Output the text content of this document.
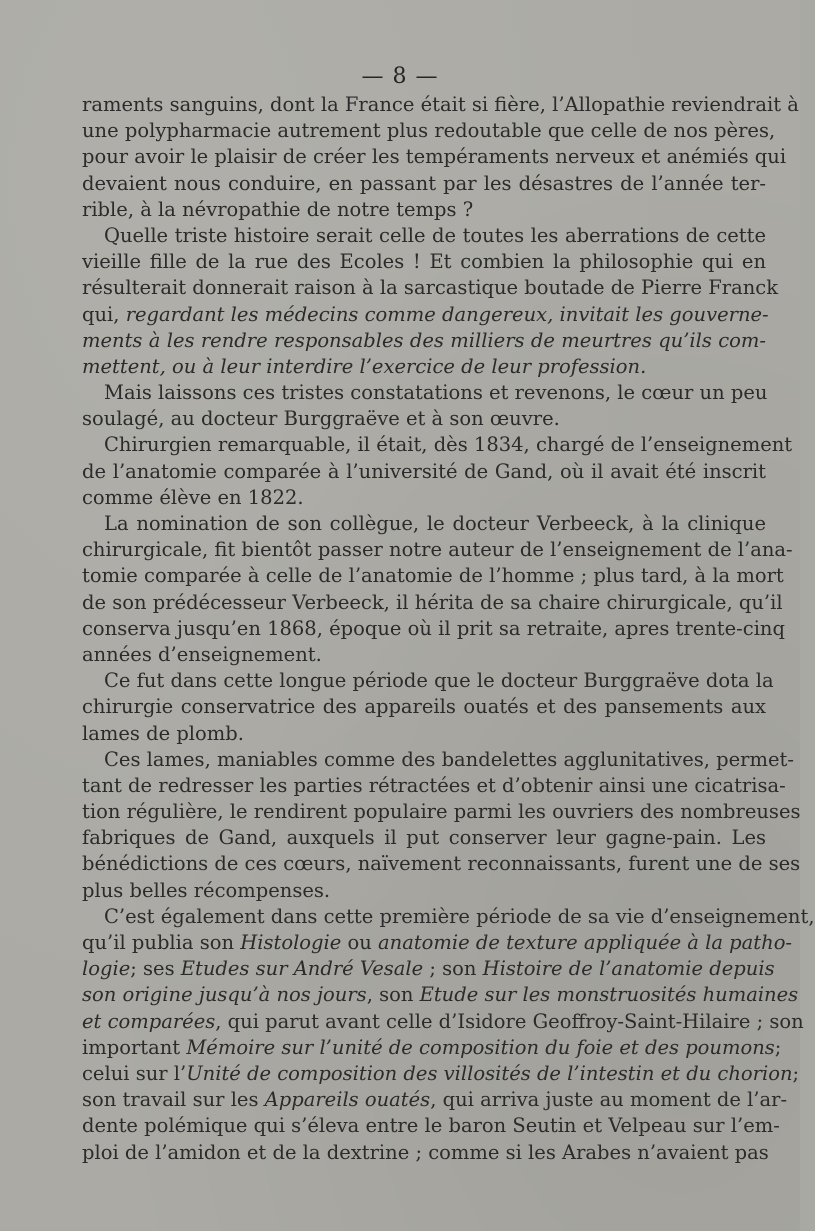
— 8 —
raments sanguins, dont la France était si fière, l’Allopathie reviendrait à
une polypharmacie autrement plus redoutable que celle de nos pères,
pour avoir le plaisir de créer les tempéraments nerveux et anémiés qui
devaient nous conduire, en passant par les désastres de l’année ter-
rible, à la névropathie de notre temps ?
Quelle triste histoire serait celle de toutes les aberrations de cette
vieille fille de la rue des Ecoles ! Et combien la philosophie qui en
résulterait donnerait raison à la sarcastique boutade de Pierre Franck
qui, regardant les médecins comme dangereux, invitait les gouverne-
ments à les rendre responsables des milliers de meurtres qu’ils com-
mettent, ou à leur interdire l’exercice de leur profession.
Mais laissons ces tristes constatations et revenons, le cœur un peu
soulagé, au docteur Burggraëve et à son œuvre.
Chirurgien remarquable, il était, dès 1834, chargé de l’enseignement
de l’anatomie comparée à l’université de Gand, où il avait été inscrit
comme élève en 1822.
La nomination de son collègue, le docteur Verbeeck, à la clinique
chirurgicale, fit bientôt passer notre auteur de l’enseignement de l’ana-
tomie comparée à celle de l’anatomie de l’homme ; plus tard, à la mort
de son prédécesseur Verbeeck, il hérita de sa chaire chirurgicale, qu’il
conserva jusqu’en 1868, époque où il prit sa retraite, apres trente-cinq
années d’enseignement.
Ce fut dans cette longue période que le docteur Burggraëve dota la
chirurgie conservatrice des appareils ouatés et des pansements aux
lames de plomb.
Ces lames, maniables comme des bandelettes agglunitatives, permet-
tant de redresser les parties rétractées et d’obtenir ainsi une cicatrisa-
tion régulière, le rendirent populaire parmi les ouvriers des nombreuses
fabriques de Gand, auxquels il put conserver leur gagne-pain. Les
bénédictions de ces cœurs, naïvement reconnaissants, furent une de ses
plus belles récompenses.
C’est également dans cette première période de sa vie d’enseignement,
qu’il publia son Histologie ou anatomie de texture appliquée à la patho-
logie; ses Etudes sur André Vesale ; son Histoire de l’anatomie depuis
son origine jusqu’à nos jours, son Etude sur les monstruosités humaines
et comparées, qui parut avant celle d’Isidore Geoffroy-Saint-Hilaire ; son
important Mémoire sur l’unité de composition du foie et des poumons;
celui sur l’Unité de composition des villosités de l’intestin et du chorion;
son travail sur les Appareils ouatés, qui arriva juste au moment de l’ar-
dente polémique qui s’éleva entre le baron Seutin et Velpeau sur l’em-
ploi de l’amidon et de la dextrine ; comme si les Arabes n’avaient pas
